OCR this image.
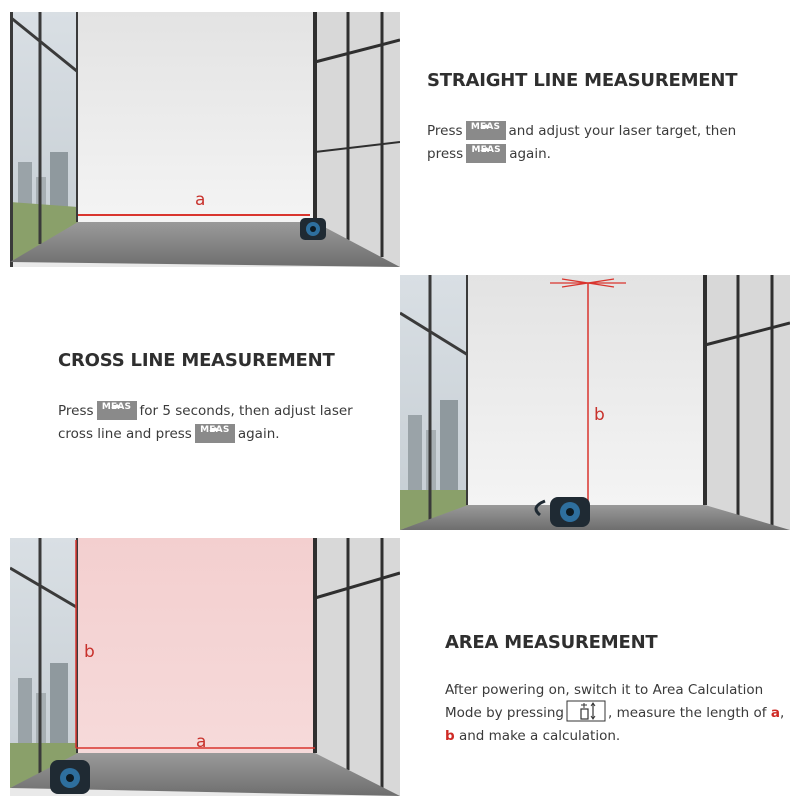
a
STRAIGHT LINE MEASUREMENT
Press MEAS and adjust your laser target, then
press MEAS again.
CROSS LINE MEASUREMENT
Press MEAS for 5 seconds, then adjust laser
cross line and press MEAS again.
b
b
a
AREA MEASUREMENT
After powering on, switch it to Area Calculation
Mode by pressing	, measure the length of a,
b and make a calculation.
